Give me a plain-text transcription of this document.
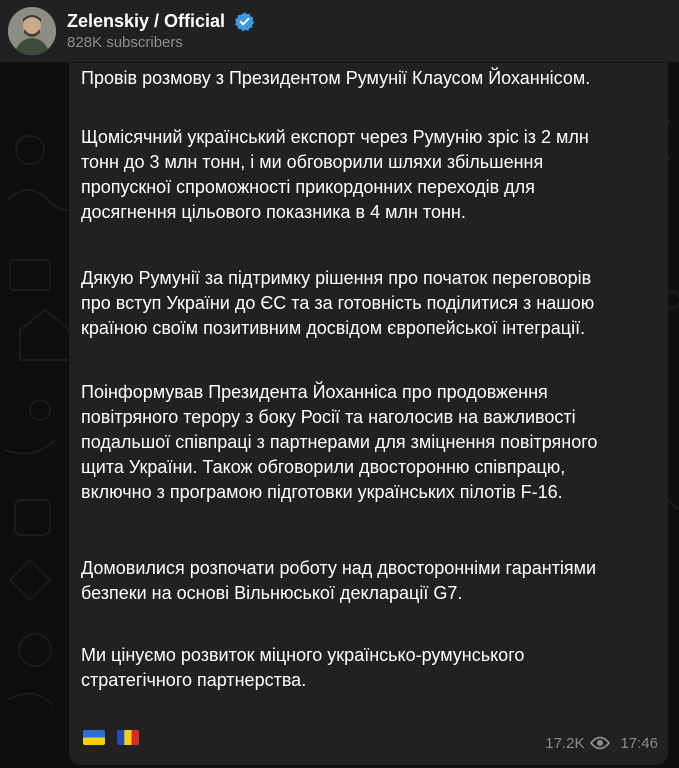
Zelenskiy / Official
828K subscribers

Провів розмову з Президентом Румунії Клаусом Йоханнісом.

Щомісячний український експорт через Румунію зріс із 2 млн
тонн до 3 млн тонн, і ми обговорили шляхи збільшення
пропускної спроможності прикордонних переходів для
досягнення цільового показника в 4 млн тонн.

Дякую Румунії за підтримку рішення про початок переговорів
про вступ України до ЄС та за готовність поділитися з нашою
країною своїм позитивним досвідом європейської інтеграції.

Поінформував Президента Йоханніса про продовження
повітряного терору з боку Росії та наголосив на важливості
подальшої співпраці з партнерами для зміцнення повітряного
щита України. Також обговорили двосторонню співпрацю,
включно з програмою підготовки українських пілотів F-16.

Домовилися розпочати роботу над двосторонніми гарантіями
безпеки на основі Вільнюської декларації G7.

Ми цінуємо розвиток міцного українсько-румунського
стратегічного партнерства.

17.2K 17:46
